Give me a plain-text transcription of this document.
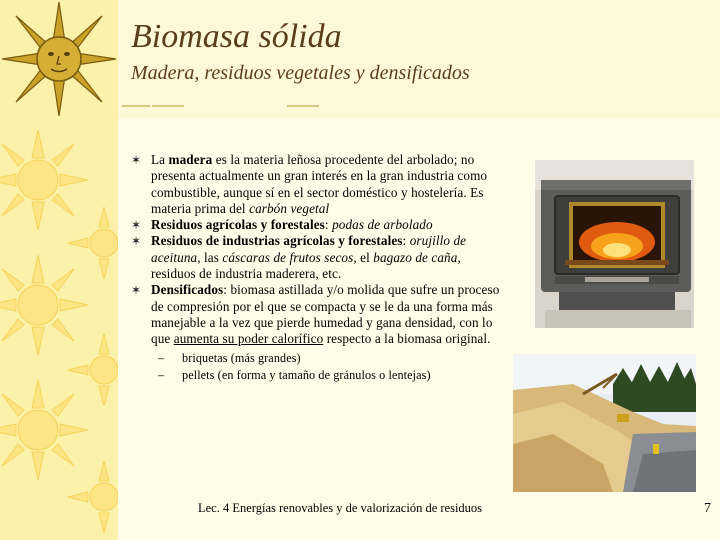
Biomasa sólida
Madera, residuos vegetales y densificados

✶ La madera es la materia leñosa procedente del arbolado; no presenta actualmente un gran interés en la gran industria como combustible, aunque sí en el sector doméstico y hostelería. Es materia prima del carbón vegetal

✶ Residuos agrícolas y forestales: podas de arbolado

✶ Residuos de industrias agrícolas y forestales: orujillo de aceituna, las cáscaras de frutos secos, el bagazo de caña, residuos de industria maderera, etc.

✶ Densificados: biomasa astillada y/o molida que sufre un proceso de compresión por el que se compacta y se le da una forma más manejable a la vez que pierde humedad y gana densidad, con lo que aumenta su poder calorífico respecto a la biomasa original.

– briquetas (más grandes)

– pellets (en forma y tamaño de gránulos o lentejas)

Lec. 4 Energías renovables y de valorización de residuos	7
